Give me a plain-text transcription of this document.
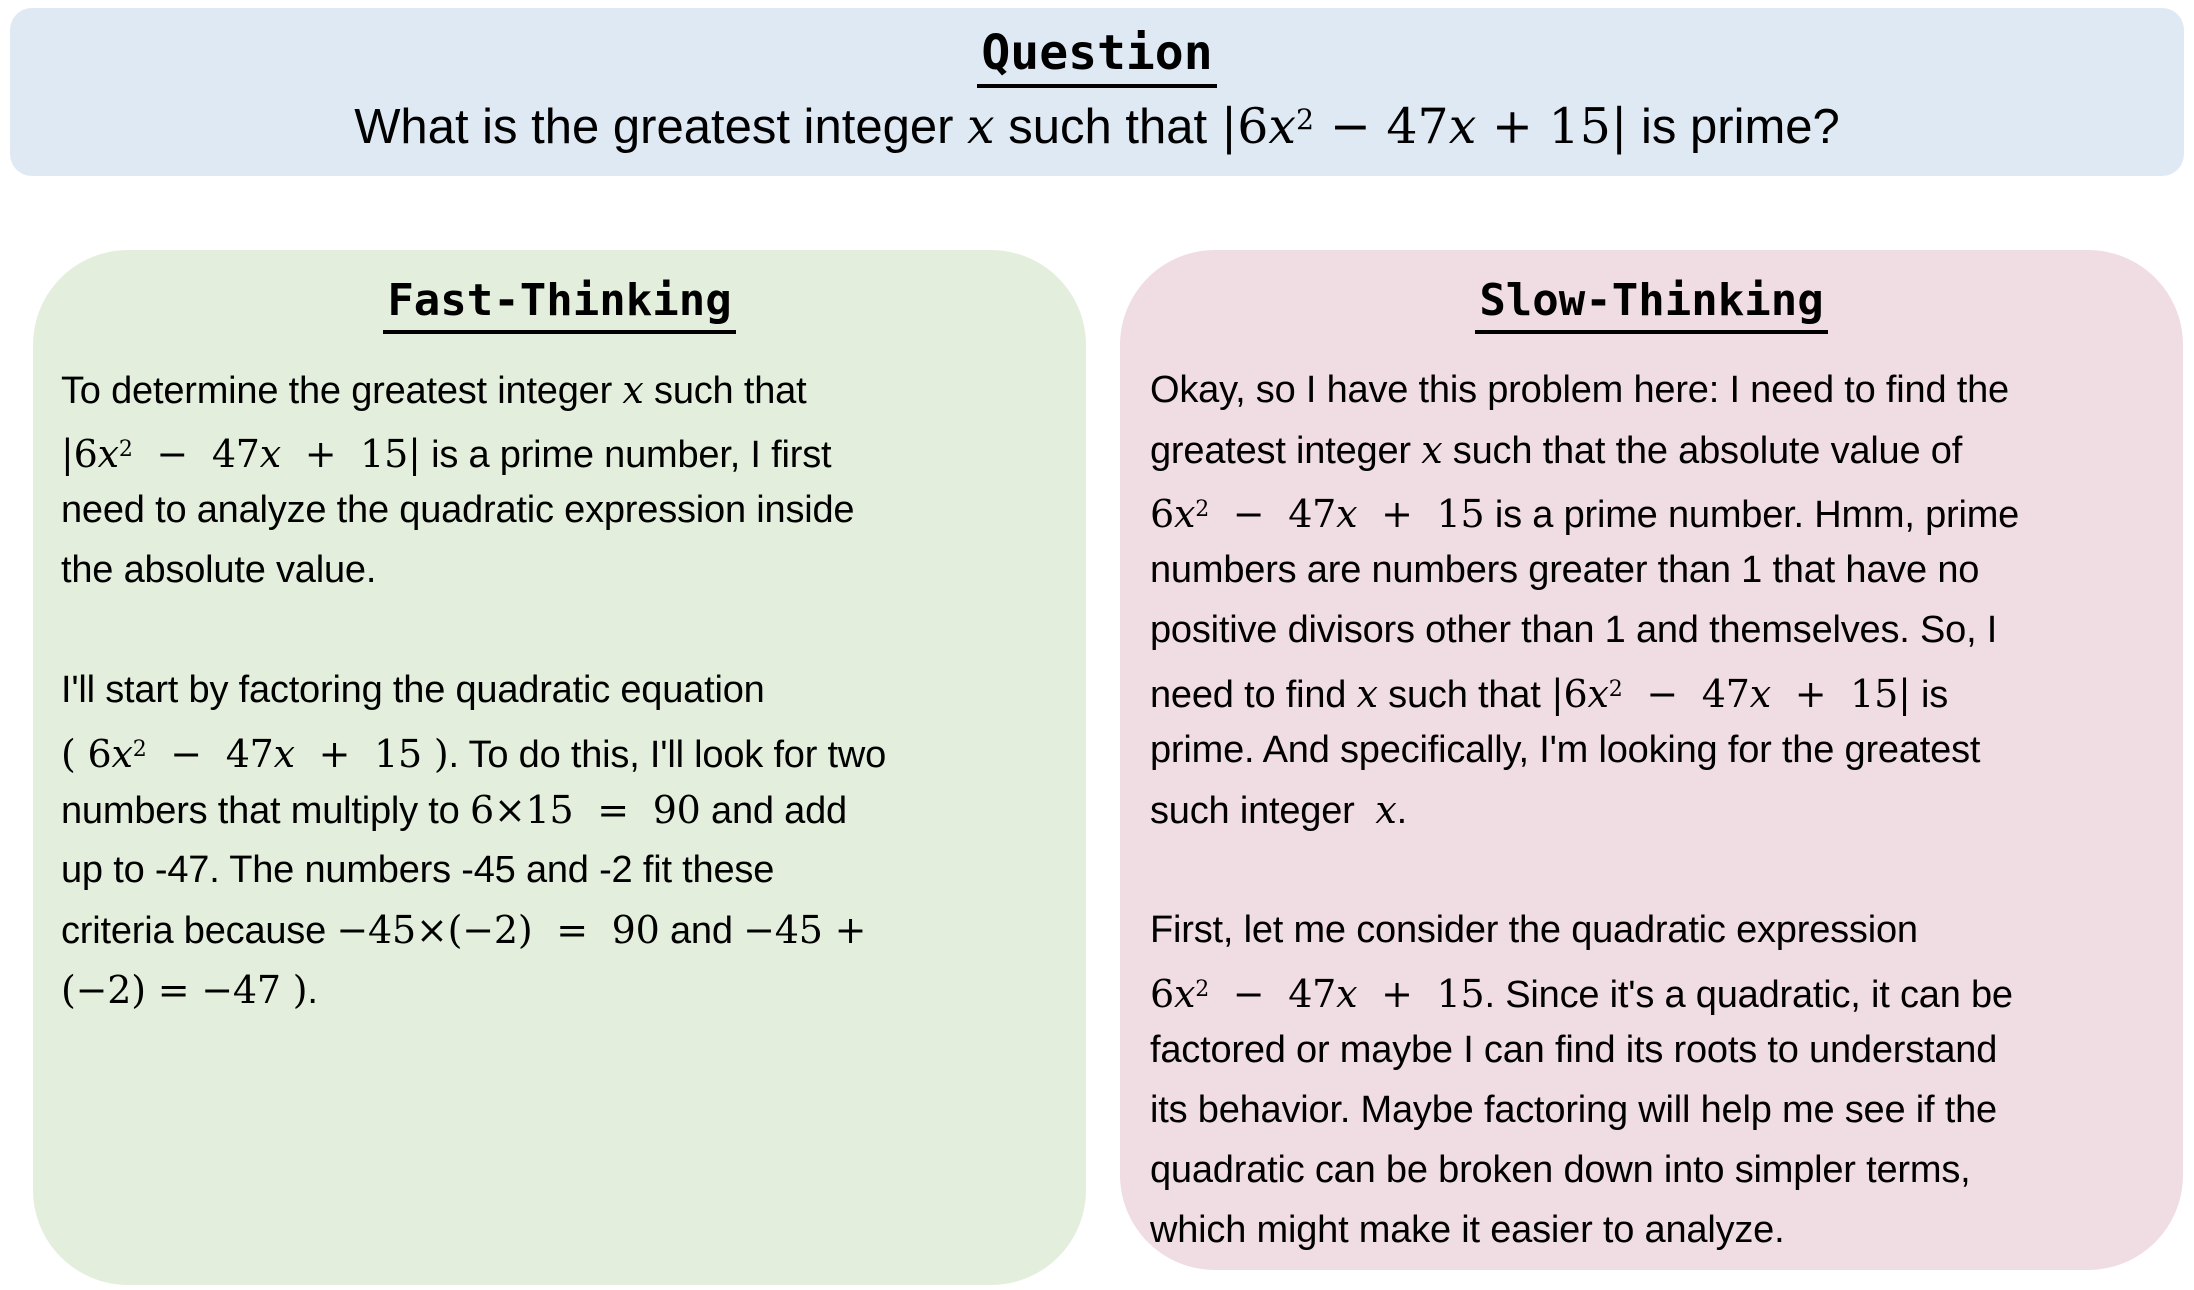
Question
What is the greatest integer x such that $|6x^2 - 47x + 15|$ is prime?
Fast-Thinking
To determine the greatest integer x such that
$|6x^2 - 47x + 15|$ is a prime number, I first
need to analyze the quadratic expression inside
the absolute value.
I'll start by factoring the quadratic equation
( $6x^2 - 47x + 15$ ). To do this, I'll look for two
numbers that multiply to 6×15  =  90 and add
up to -47. The numbers -45 and -2 fit these
criteria because −45×(−2)  =  90 and −45 +
(−2) = −47 ).
Slow-Thinking
Okay, so I have this problem here: I need to find the
greatest integer x such that the absolute value of
$6x^2 - 47x + 15$ is a prime number. Hmm, prime
numbers are numbers greater than 1 that have no
positive divisors other than 1 and themselves. So, I
need to find x such that $|6x^2 - 47x + 15|$ is
prime. And specifically, I'm looking for the greatest
such integer  x.
First, let me consider the quadratic expression
$6x^2 - 47x + 15$. Since it's a quadratic, it can be
factored or maybe I can find its roots to understand
its behavior. Maybe factoring will help me see if the
quadratic can be broken down into simpler terms,
which might make it easier to analyze.
